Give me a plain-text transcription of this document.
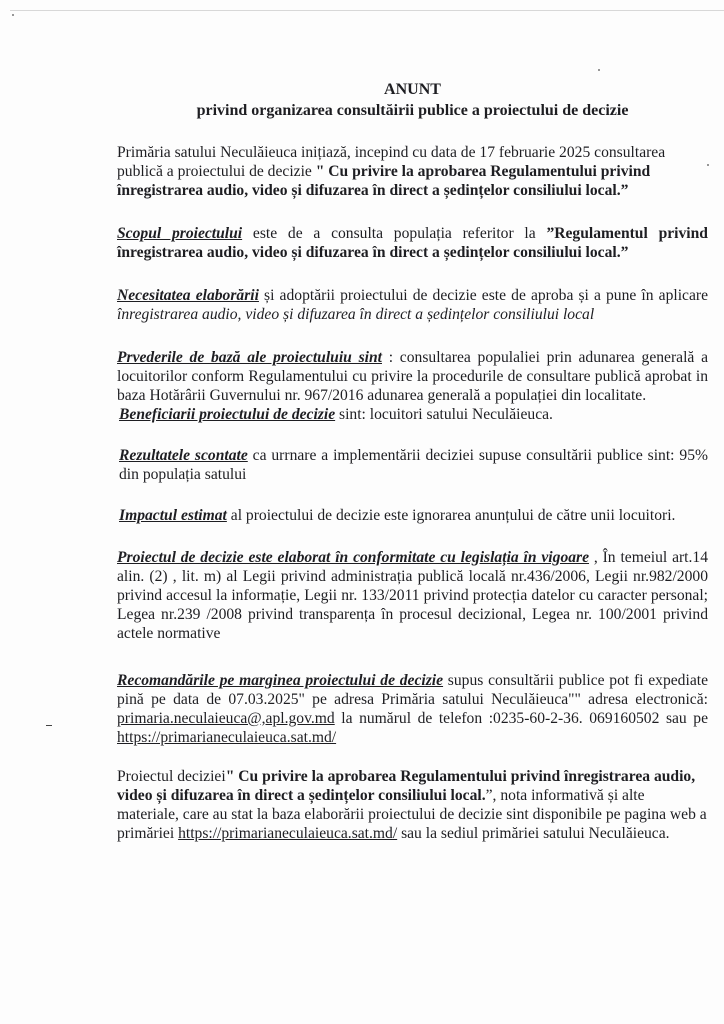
ANUNT
privind organizarea consultăirii publice a proiectului de decizie

Primăria satului Neculăieuca inițiază, incepind cu data de 17 februarie 2025 consultarea publică a proiectului de decizie " Cu privire la aprobarea Regulamentului privind înregistrarea audio, video și difuzarea în direct a ședințelor consiliului local.”

Scopul proiectului este de a consulta populația referitor la ”Regulamentul privind înregistrarea audio, video și difuzarea în direct a ședințelor consiliului local.”

Necesitatea elaborării și adoptării proiectului de decizie este de aproba și a pune în aplicare înregistrarea audio, video și difuzarea în direct a ședințelor consiliului local

Prvederile de bază ale proiectuluiu sint : consultarea populaliei prin adunarea generală a locuitorilor conform Regulamentului cu privire la procedurile de consultare publică aprobat in baza Hotărârii Guvernului nr. 967/2016 adunarea generală a populației din localitate.

Beneficiarii proiectului de decizie sint: locuitori satului Neculăieuca.

Rezultatele scontate ca urrnare a implementării deciziei supuse consultării publice sint: 95% din populația satului

Impactul estimat al proiectului de decizie este ignorarea anunțului de către unii locuitori.

Proiectul de decizie este elaborat în conformitate cu legislația în vigoare , În temeiul art.14 alin. (2) , lit. m) al Legii privind administrația publică locală nr.436/2006, Legii nr.982/2000 privind accesul la informație, Legii nr. 133/2011 privind protecția datelor cu caracter personal; Legea nr.239 /2008 privind transparența în procesul decizional, Legea nr. 100/2001 privind actele normative

Recomandările pe marginea proiectului de decizie supus consultării publice pot fi expediate pină pe data de 07.03.2025" pe adresa Primăria satului Neculăieuca"" adresa electronică: primaria.neculaieuca@,apl.gov.md la numărul de telefon :0235-60-2-36. 069160502 sau pe https://primarianeculaieuca.sat.md/

Proiectul deciziei" Cu privire la aprobarea Regulamentului privind înregistrarea audio, video și difuzarea în direct a ședințelor consiliului local.”, nota informativă și alte materiale, care au stat la baza elaborării proiectului de decizie sint disponibile pe pagina web a primăriei https://primarianeculaieuca.sat.md/ sau la sediul primăriei satului Neculăieuca.
